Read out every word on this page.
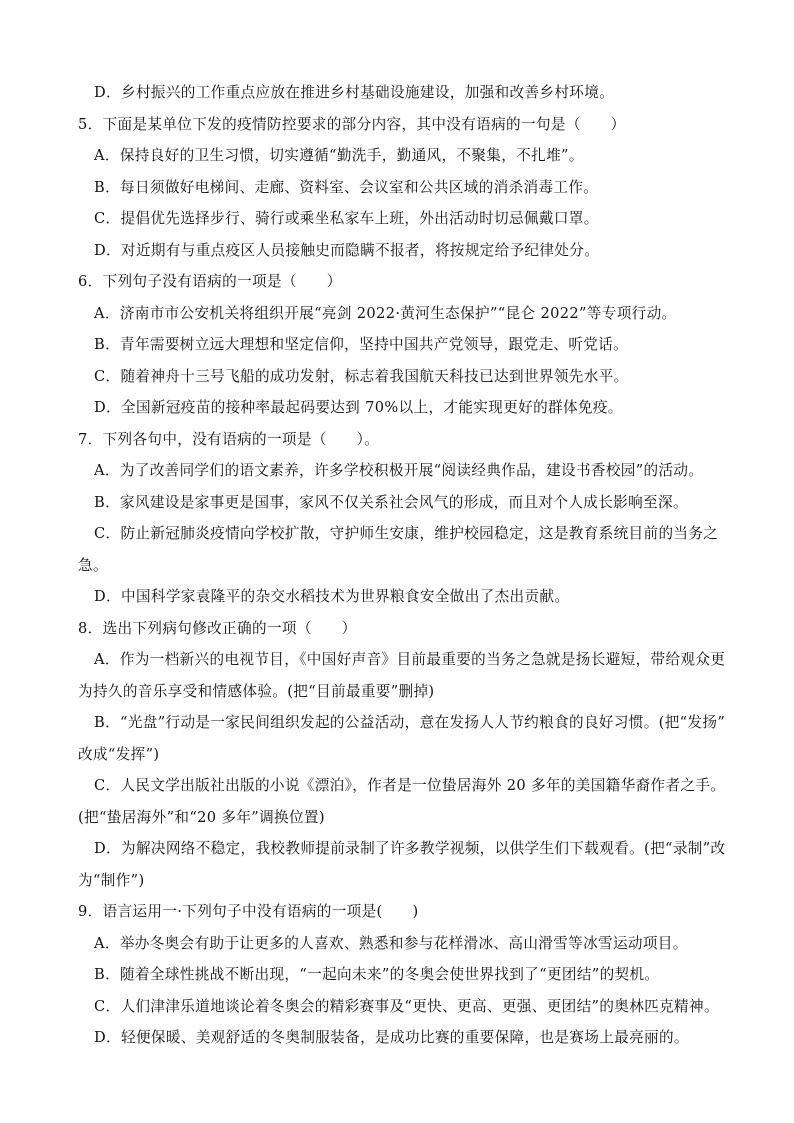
D．乡村振兴的工作重点应放在推进乡村基础设施建设，加强和改善乡村环境。
5．下面是某单位下发的疫情防控要求的部分内容，其中没有语病的一句是（　　）
A．保持良好的卫生习惯，切实遵循“勤洗手，勤通风，不聚集，不扎堆”。
B．每日须做好电梯间、走廊、资料室、会议室和公共区域的消杀消毒工作。
C．提倡优先选择步行、骑行或乘坐私家车上班，外出活动时切忌佩戴口罩。
D．对近期有与重点疫区人员接触史而隐瞒不报者，将按规定给予纪律处分。
6．下列句子没有语病的一项是（　　）
A．济南市市公安机关将组织开展“亮剑 2022·黄河生态保护”“昆仑 2022”等专项行动。
B．青年需要树立远大理想和坚定信仰，坚持中国共产党领导，跟党走、听党话。
C．随着神舟十三号飞船的成功发射，标志着我国航天科技已达到世界领先水平。
D．全国新冠疫苗的接种率最起码要达到 70%以上，才能实现更好的群体免疫。
7．下列各句中，没有语病的一项是（　　）。
A．为了改善同学们的语文素养，许多学校积极开展“阅读经典作品，建设书香校园”的活动。
B．家风建设是家事更是国事，家风不仅关系社会风气的形成，而且对个人成长影响至深。
C．防止新冠肺炎疫情向学校扩散，守护师生安康，维护校园稳定，这是教育系统目前的当务之
急。
D．中国科学家袁隆平的杂交水稻技术为世界粮食安全做出了杰出贡献。
8．选出下列病句修改正确的一项（　　）
A．作为一档新兴的电视节目，《中国好声音》目前最重要的当务之急就是扬长避短，带给观众更
为持久的音乐享受和情感体验。(把“目前最重要”删掉)
B．“光盘”行动是一家民间组织发起的公益活动，意在发扬人人节约粮食的良好习惯。(把“发扬”
改成“发挥”)
C．人民文学出版社出版的小说《漂泊》，作者是一位蛰居海外 20 多年的美国籍华裔作者之手。
(把“蛰居海外”和“20 多年”调换位置)
D．为解决网络不稳定，我校教师提前录制了许多教学视频，以供学生们下载观看。(把“录制”改
为“制作”)
9．语言运用一·下列句子中没有语病的一项是(　　)
A．举办冬奥会有助于让更多的人喜欢、熟悉和参与花样滑冰、高山滑雪等冰雪运动项目。
B．随着全球性挑战不断出现，“一起向未来”的冬奥会使世界找到了“更团结”的契机。
C．人们津津乐道地谈论着冬奥会的精彩赛事及“更快、更高、更强、更团结”的奥林匹克精神。
D．轻便保暖、美观舒适的冬奥制服装备，是成功比赛的重要保障，也是赛场上最亮丽的。
